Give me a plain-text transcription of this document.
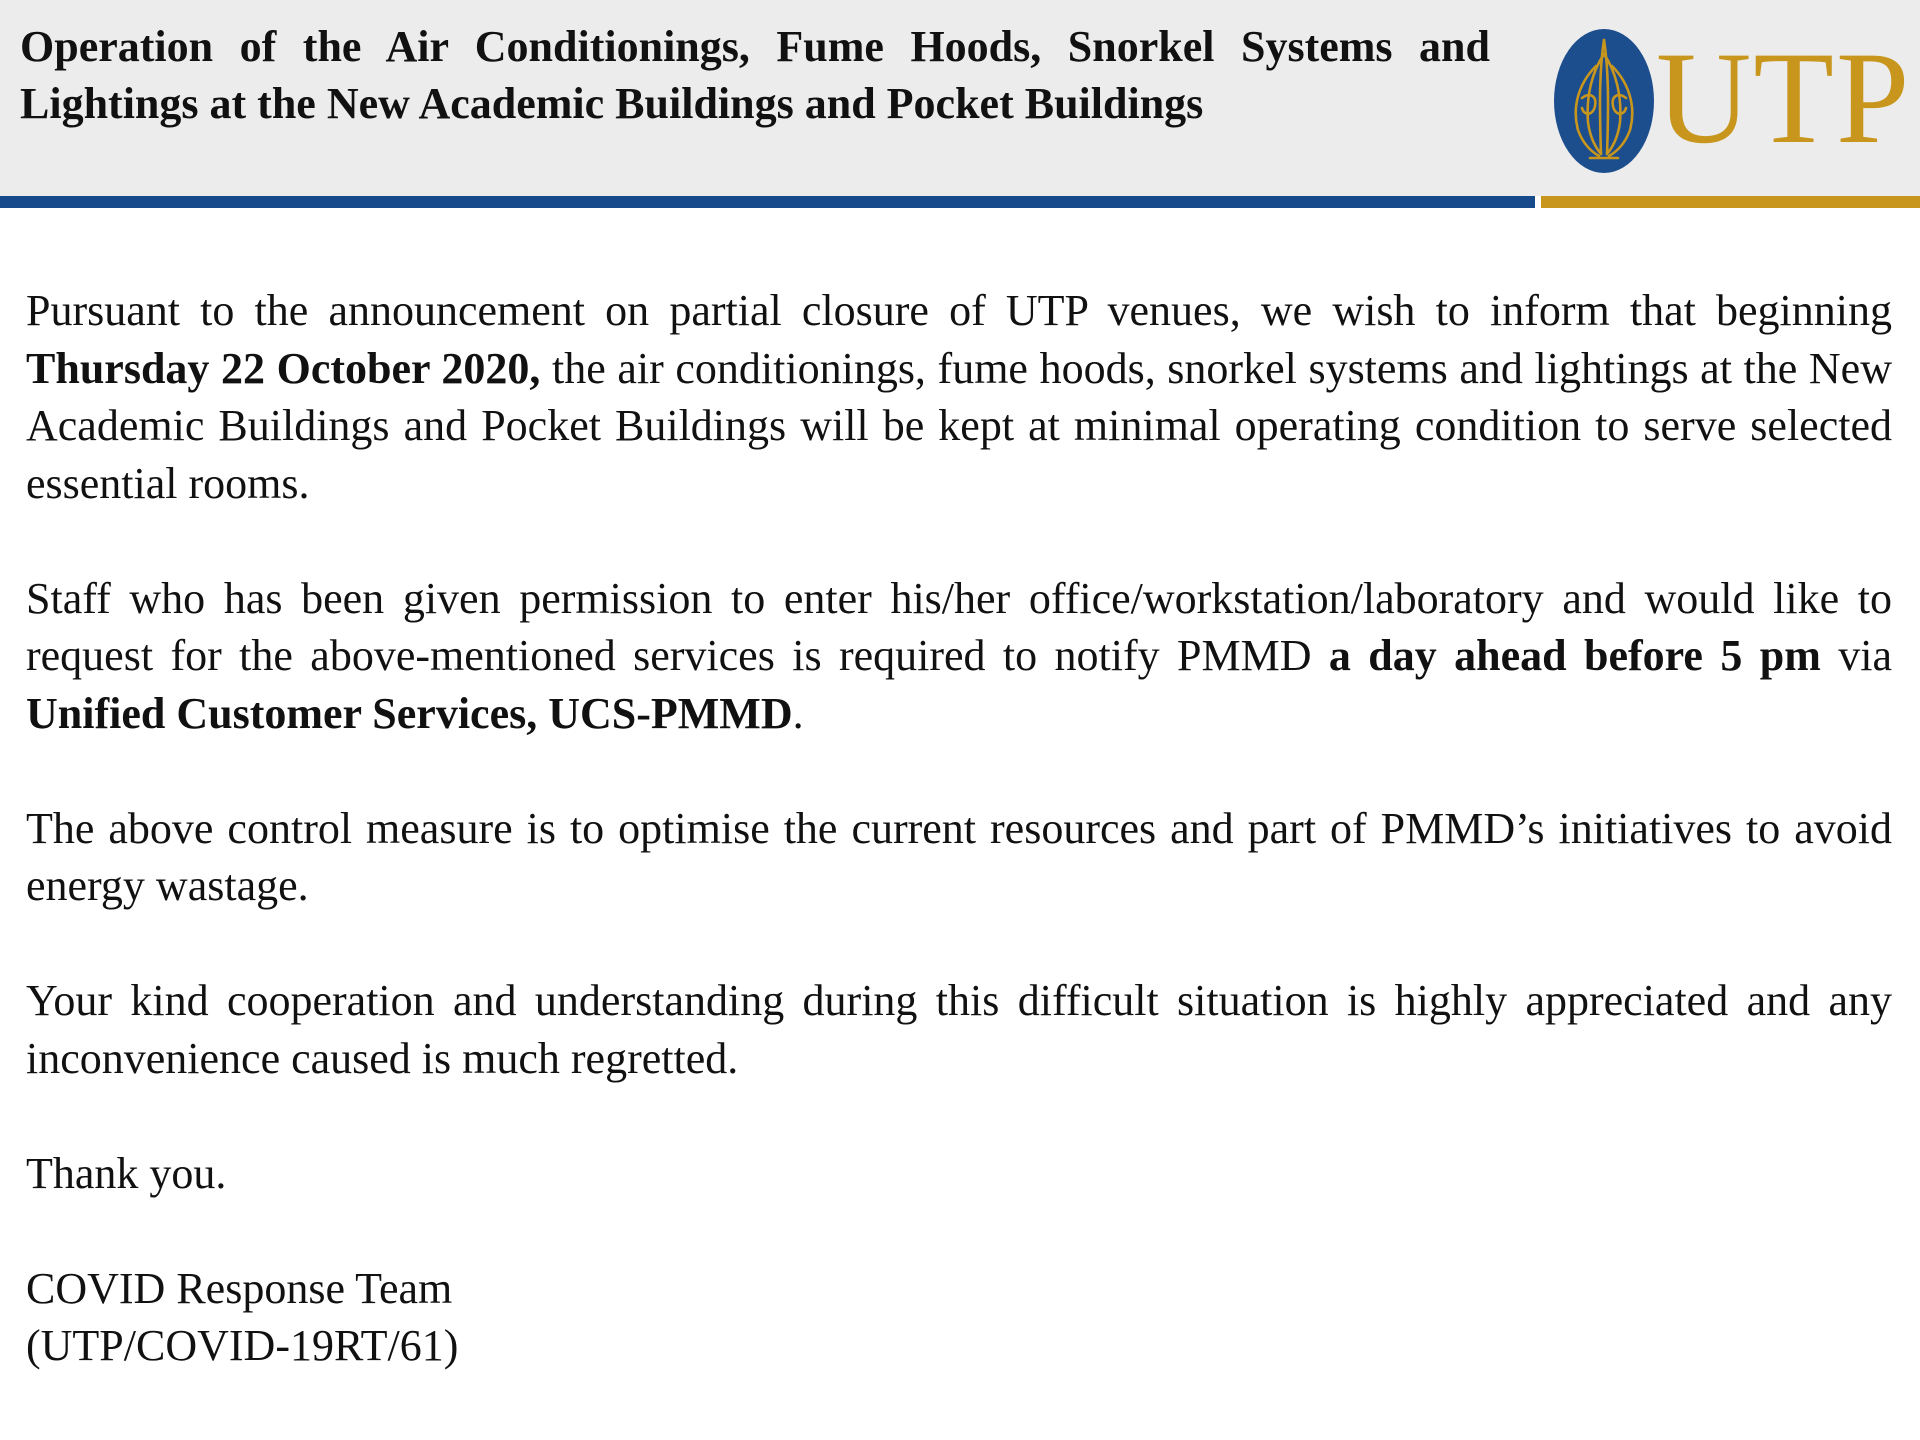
Operation of the Air Conditionings, Fume Hoods, Snorkel Systems and Lightings at the New Academic Buildings and Pocket Buildings	UTP

Pursuant to the announcement on partial closure of UTP venues, we wish to inform that beginning Thursday 22 October 2020, the air conditionings, fume hoods, snorkel systems and lightings at the New Academic Buildings and Pocket Buildings will be kept at minimal operating condition to serve selected essential rooms.

Staff who has been given permission to enter his/her office/workstation/laboratory and would like to request for the above-mentioned services is required to notify PMMD a day ahead before 5 pm via Unified Customer Services, UCS-PMMD.

The above control measure is to optimise the current resources and part of PMMD’s initiatives to avoid energy wastage.

Your kind cooperation and understanding during this difficult situation is highly appreciated and any inconvenience caused is much regretted.

Thank you.

COVID Response Team

(UTP/COVID-19RT/61)
